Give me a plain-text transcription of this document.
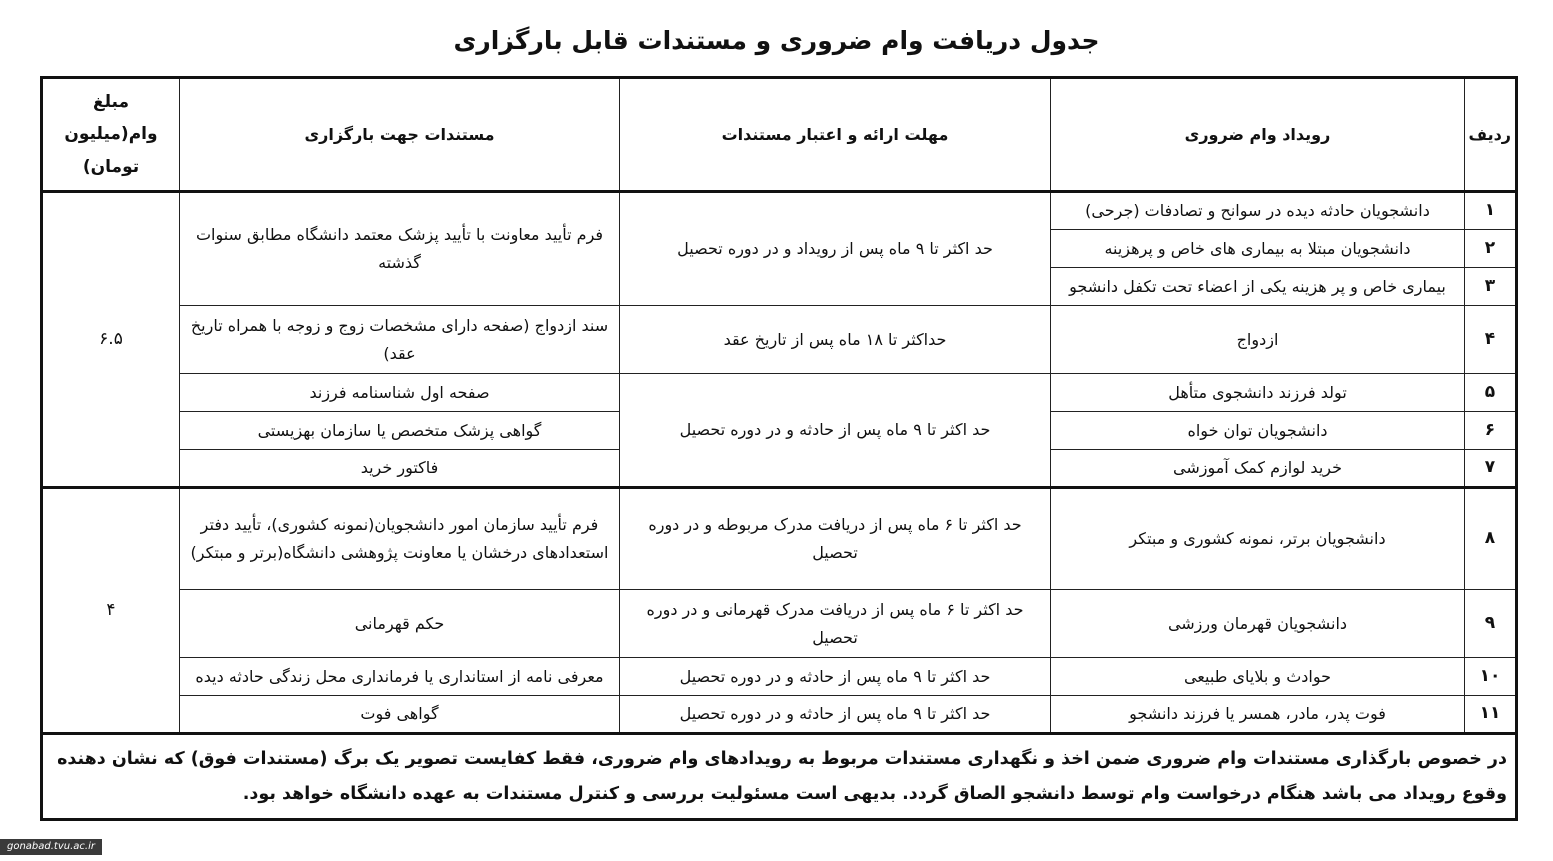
جدول دریافت وام ضروری و مستندات قابل بارگزاری
ردیف	رویداد وام ضروری	مهلت ارائه و اعتبار مستندات	مستندات جهت بارگزاری	مبلغ وام(میلیون تومان)
۱	دانشجویان حادثه دیده در سوانح و تصادفات (جرحی)	حد اکثر تا ۹ ماه پس از رویداد و در دوره تحصیل	فرم تأیید معاونت با تأیید پزشک معتمد دانشگاه مطابق سنوات گذشته	۶.۵
۲	دانشجویان مبتلا به بیماری های خاص و پرهزینه			
۳	بیماری خاص و پر هزینه یکی از اعضاء تحت تکفل دانشجو			
۴	ازدواج	حداکثر تا ۱۸ ماه پس از تاریخ عقد	سند ازدواج (صفحه دارای مشخصات زوج و زوجه با همراه تاریخ عقد)	
۵	تولد فرزند دانشجوی متأهل	حد اکثر تا ۹ ماه پس از حادثه و در دوره تحصیل	صفحه اول شناسنامه فرزند	
۶	دانشجویان توان خواه		گواهی پزشک متخصص یا سازمان بهزیستی	
۷	خرید لوازم کمک آموزشی		فاکتور خرید	
۸	دانشجویان برتر، نمونه کشوری و مبتکر	حد اکثر تا ۶ ماه پس از دریافت مدرک مربوطه و در دوره تحصیل	فرم تأیید سازمان امور دانشجویان(نمونه کشوری)، تأیید دفتر استعدادهای درخشان یا معاونت پژوهشی دانشگاه(برتر و مبتکر)	۴
۹	دانشجویان قهرمان ورزشی	حد اکثر تا ۶ ماه پس از دریافت مدرک قهرمانی و در دوره تحصیل	حکم قهرمانی	
۱۰	حوادث و بلایای طبیعی	حد اکثر تا ۹ ماه پس از حادثه و در دوره تحصیل	معرفی نامه از استانداری یا فرمانداری محل زندگی حادثه دیده	
۱۱	فوت پدر، مادر، همسر یا فرزند دانشجو	حد اکثر تا ۹ ماه پس از حادثه و در دوره تحصیل	گواهی فوت	
در خصوص بارگذاری مستندات وام ضروری ضمن اخذ و نگهداری مستندات مربوط به رویدادهای وام ضروری، فقط کفایست تصویر یک برگ (مستندات فوق) که نشان دهنده وقوع رویداد می باشد هنگام درخواست وام توسط دانشجو الصاق گردد. بدیهی است مسئولیت بررسی و کنترل مستندات به عهده دانشگاه خواهد بود.				
gonabad.tvu.ac.ir
